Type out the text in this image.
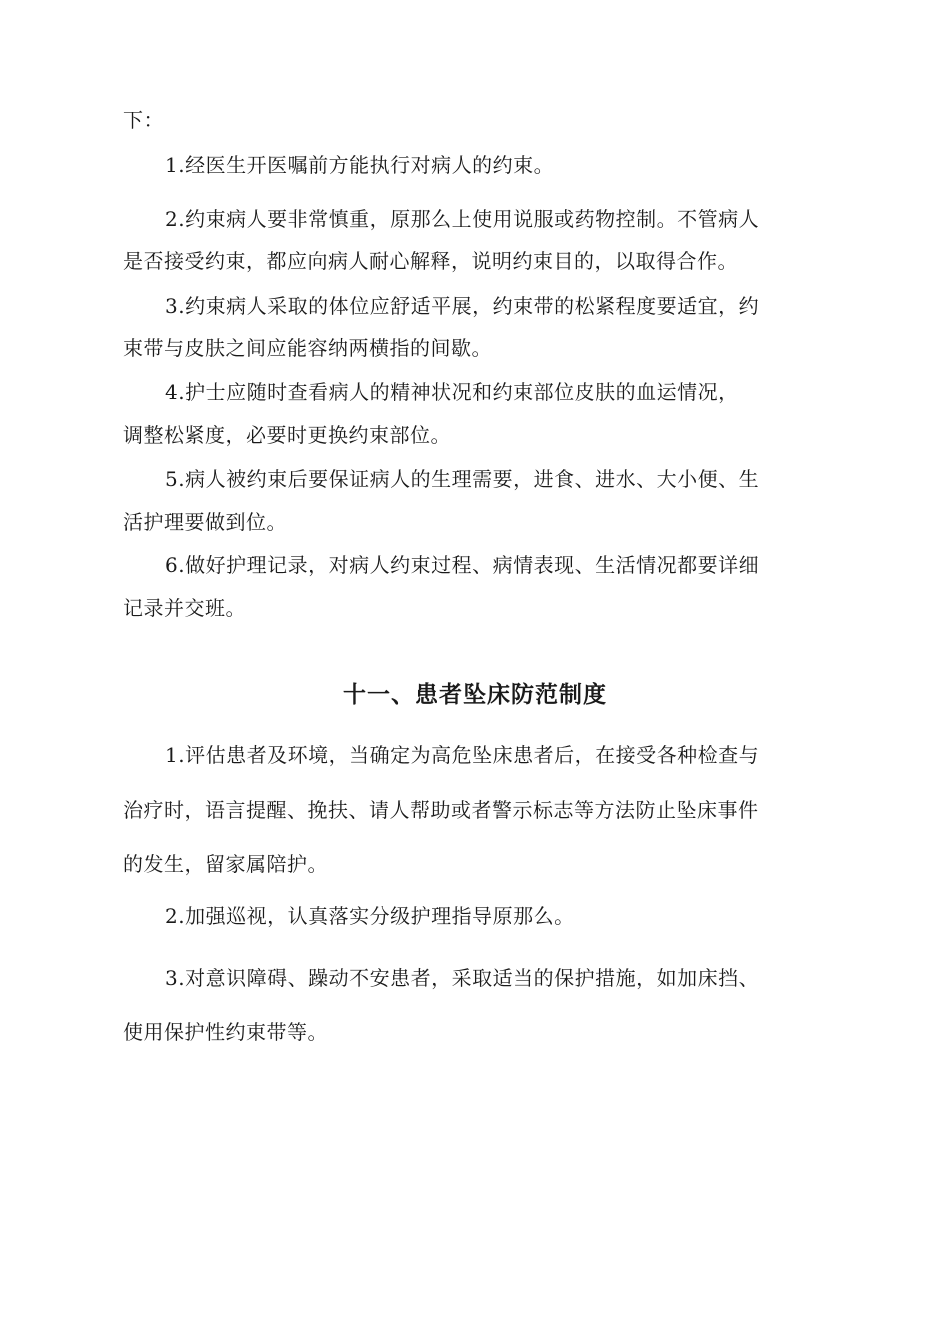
下：
1.经医生开医嘱前方能执行对病人的约束。
2.约束病人要非常慎重，原那么上使用说服或药物控制。不管病人
是否接受约束，都应向病人耐心解释，说明约束目的，以取得合作。
3.约束病人采取的体位应舒适平展，约束带的松紧程度要适宜，约
束带与皮肤之间应能容纳两横指的间歇。
4.护士应随时查看病人的精神状况和约束部位皮肤的血运情况，
调整松紧度，必要时更换约束部位。
5.病人被约束后要保证病人的生理需要，进食、进水、大小便、生
活护理要做到位。
6.做好护理记录，对病人约束过程、病情表现、生活情况都要详细
记录并交班。
十一、患者坠床防范制度
1.评估患者及环境，当确定为高危坠床患者后，在接受各种检查与
治疗时，语言提醒、挽扶、请人帮助或者警示标志等方法防止坠床事件
的发生，留家属陪护。
2.加强巡视，认真落实分级护理指导原那么。
3.对意识障碍、躁动不安患者，采取适当的保护措施，如加床挡、
使用保护性约束带等。
